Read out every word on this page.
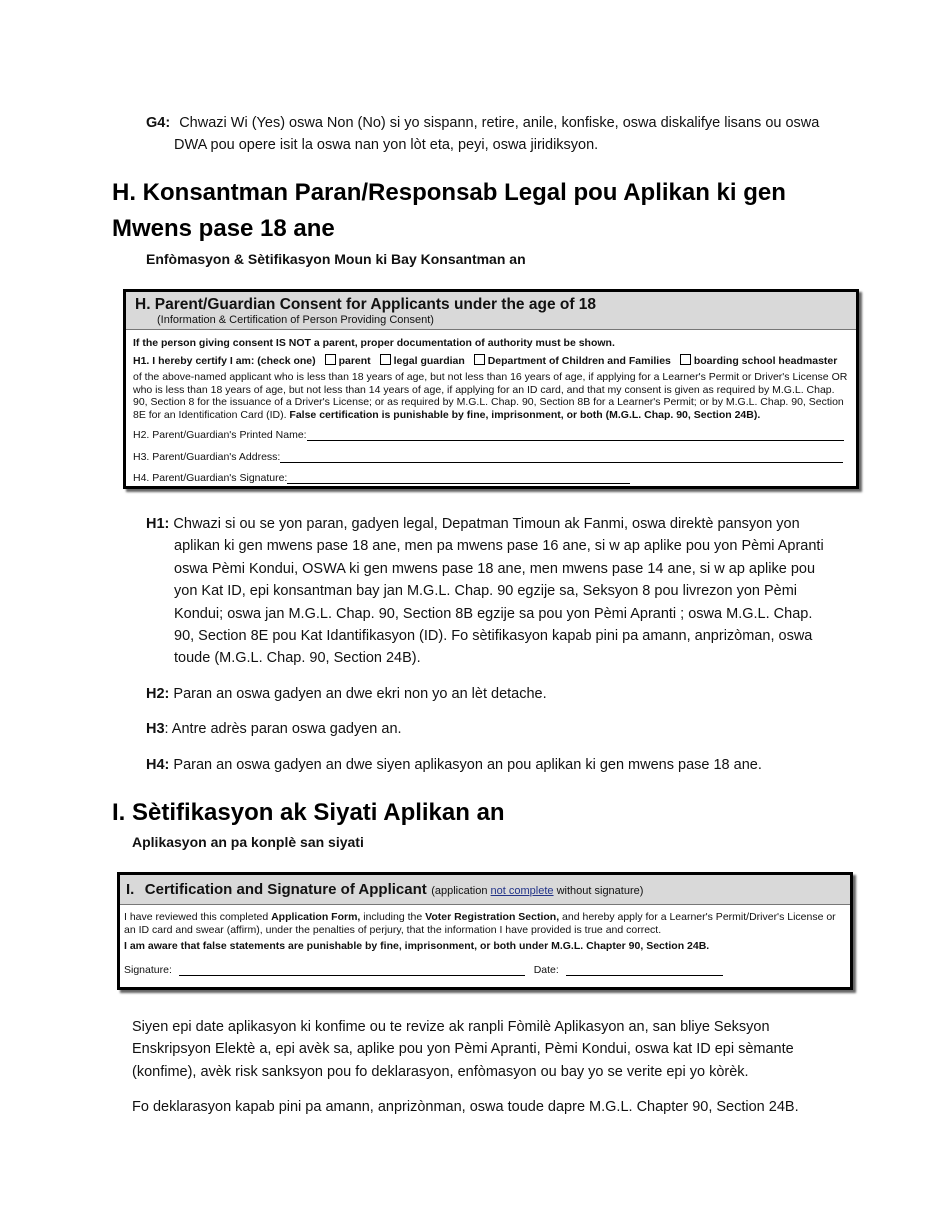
G4: Chwazi Wi (Yes) oswa Non (No) si yo sispann, retire, anile, konfiske, oswa diskalifye lisans ou oswa DWA pou opere isit la oswa nan yon lòt eta, peyi, oswa jiridiksyon.
H. Konsantman Paran/Responsab Legal pou Aplikan ki gen
Mwens pase 18 ane
Enfòmasyon & Sètifikasyon Moun ki Bay Konsantman an
H. Parent/Guardian Consent for Applicants under the age of 18
(Information & Certification of Person Providing Consent)
If the person giving consent IS NOT a parent, proper documentation of authority must be shown.
H1. I hereby certify I am: (check one) parent legal guardian Department of Children and Families boarding school headmaster
of the above-named applicant who is less than 18 years of age, but not less than 16 years of age, if applying for a Learner's Permit or Driver's License OR who is less than 18 years of age, but not less than 14 years of age, if applying for an ID card, and that my consent is given as required by M.G.L. Chap. 90, Section 8 for the issuance of a Driver's License; or as required by M.G.L. Chap. 90, Section 8B for a Learner's Permit; or by M.G.L. Chap. 90, Section 8E for an Identification Card (ID). False certification is punishable by fine, imprisonment, or both (M.G.L. Chap. 90, Section 24B).
H2. Parent/Guardian's Printed Name:
H3. Parent/Guardian's Address:
H4. Parent/Guardian's Signature:
H1: Chwazi si ou se yon paran, gadyen legal, Depatman Timoun ak Fanmi, oswa direktè pansyon yon aplikan ki gen mwens pase 18 ane, men pa mwens pase 16 ane, si w ap aplike pou yon Pèmi Apranti oswa Pèmi Kondui, OSWA ki gen mwens pase 18 ane, men mwens pase 14 ane, si w ap aplike pou yon Kat ID, epi konsantman bay jan M.G.L. Chap. 90 egzije sa, Seksyon 8 pou livrezon yon Pèmi Kondui; oswa jan M.G.L. Chap. 90, Section 8B egzije sa pou yon Pèmi Apranti ; oswa M.G.L. Chap. 90, Section 8E pou Kat Idantifikasyon (ID). Fo sètifikasyon kapab pini pa amann, anprizòman, oswa toude (M.G.L. Chap. 90, Section 24B).
H2: Paran an oswa gadyen an dwe ekri non yo an lèt detache.
H3: Antre adrès paran oswa gadyen an.
H4: Paran an oswa gadyen an dwe siyen aplikasyon an pou aplikan ki gen mwens pase 18 ane.
I. Sètifikasyon ak Siyati Aplikan an
Aplikasyon an pa konplè san siyati
I. Certification and Signature of Applicant (application not complete without signature)
I have reviewed this completed Application Form, including the Voter Registration Section, and hereby apply for a Learner's Permit/Driver's License or an ID card and swear (affirm), under the penalties of perjury, that the information I have provided is true and correct.
I am aware that false statements are punishable by fine, imprisonment, or both under M.G.L. Chapter 90, Section 24B.
Signature:	Date:
Siyen epi date aplikasyon ki konfime ou te revize ak ranpli Fòmilè Aplikasyon an, san bliye Seksyon Enskripsyon Elektè a, epi avèk sa, aplike pou yon Pèmi Apranti, Pèmi Kondui, oswa kat ID epi sèmante (konfime), avèk risk sanksyon pou fo deklarasyon, enfòmasyon ou bay yo se verite epi yo kòrèk.
Fo deklarasyon kapab pini pa amann, anprizònman, oswa toude dapre M.G.L. Chapter 90, Section 24B.
